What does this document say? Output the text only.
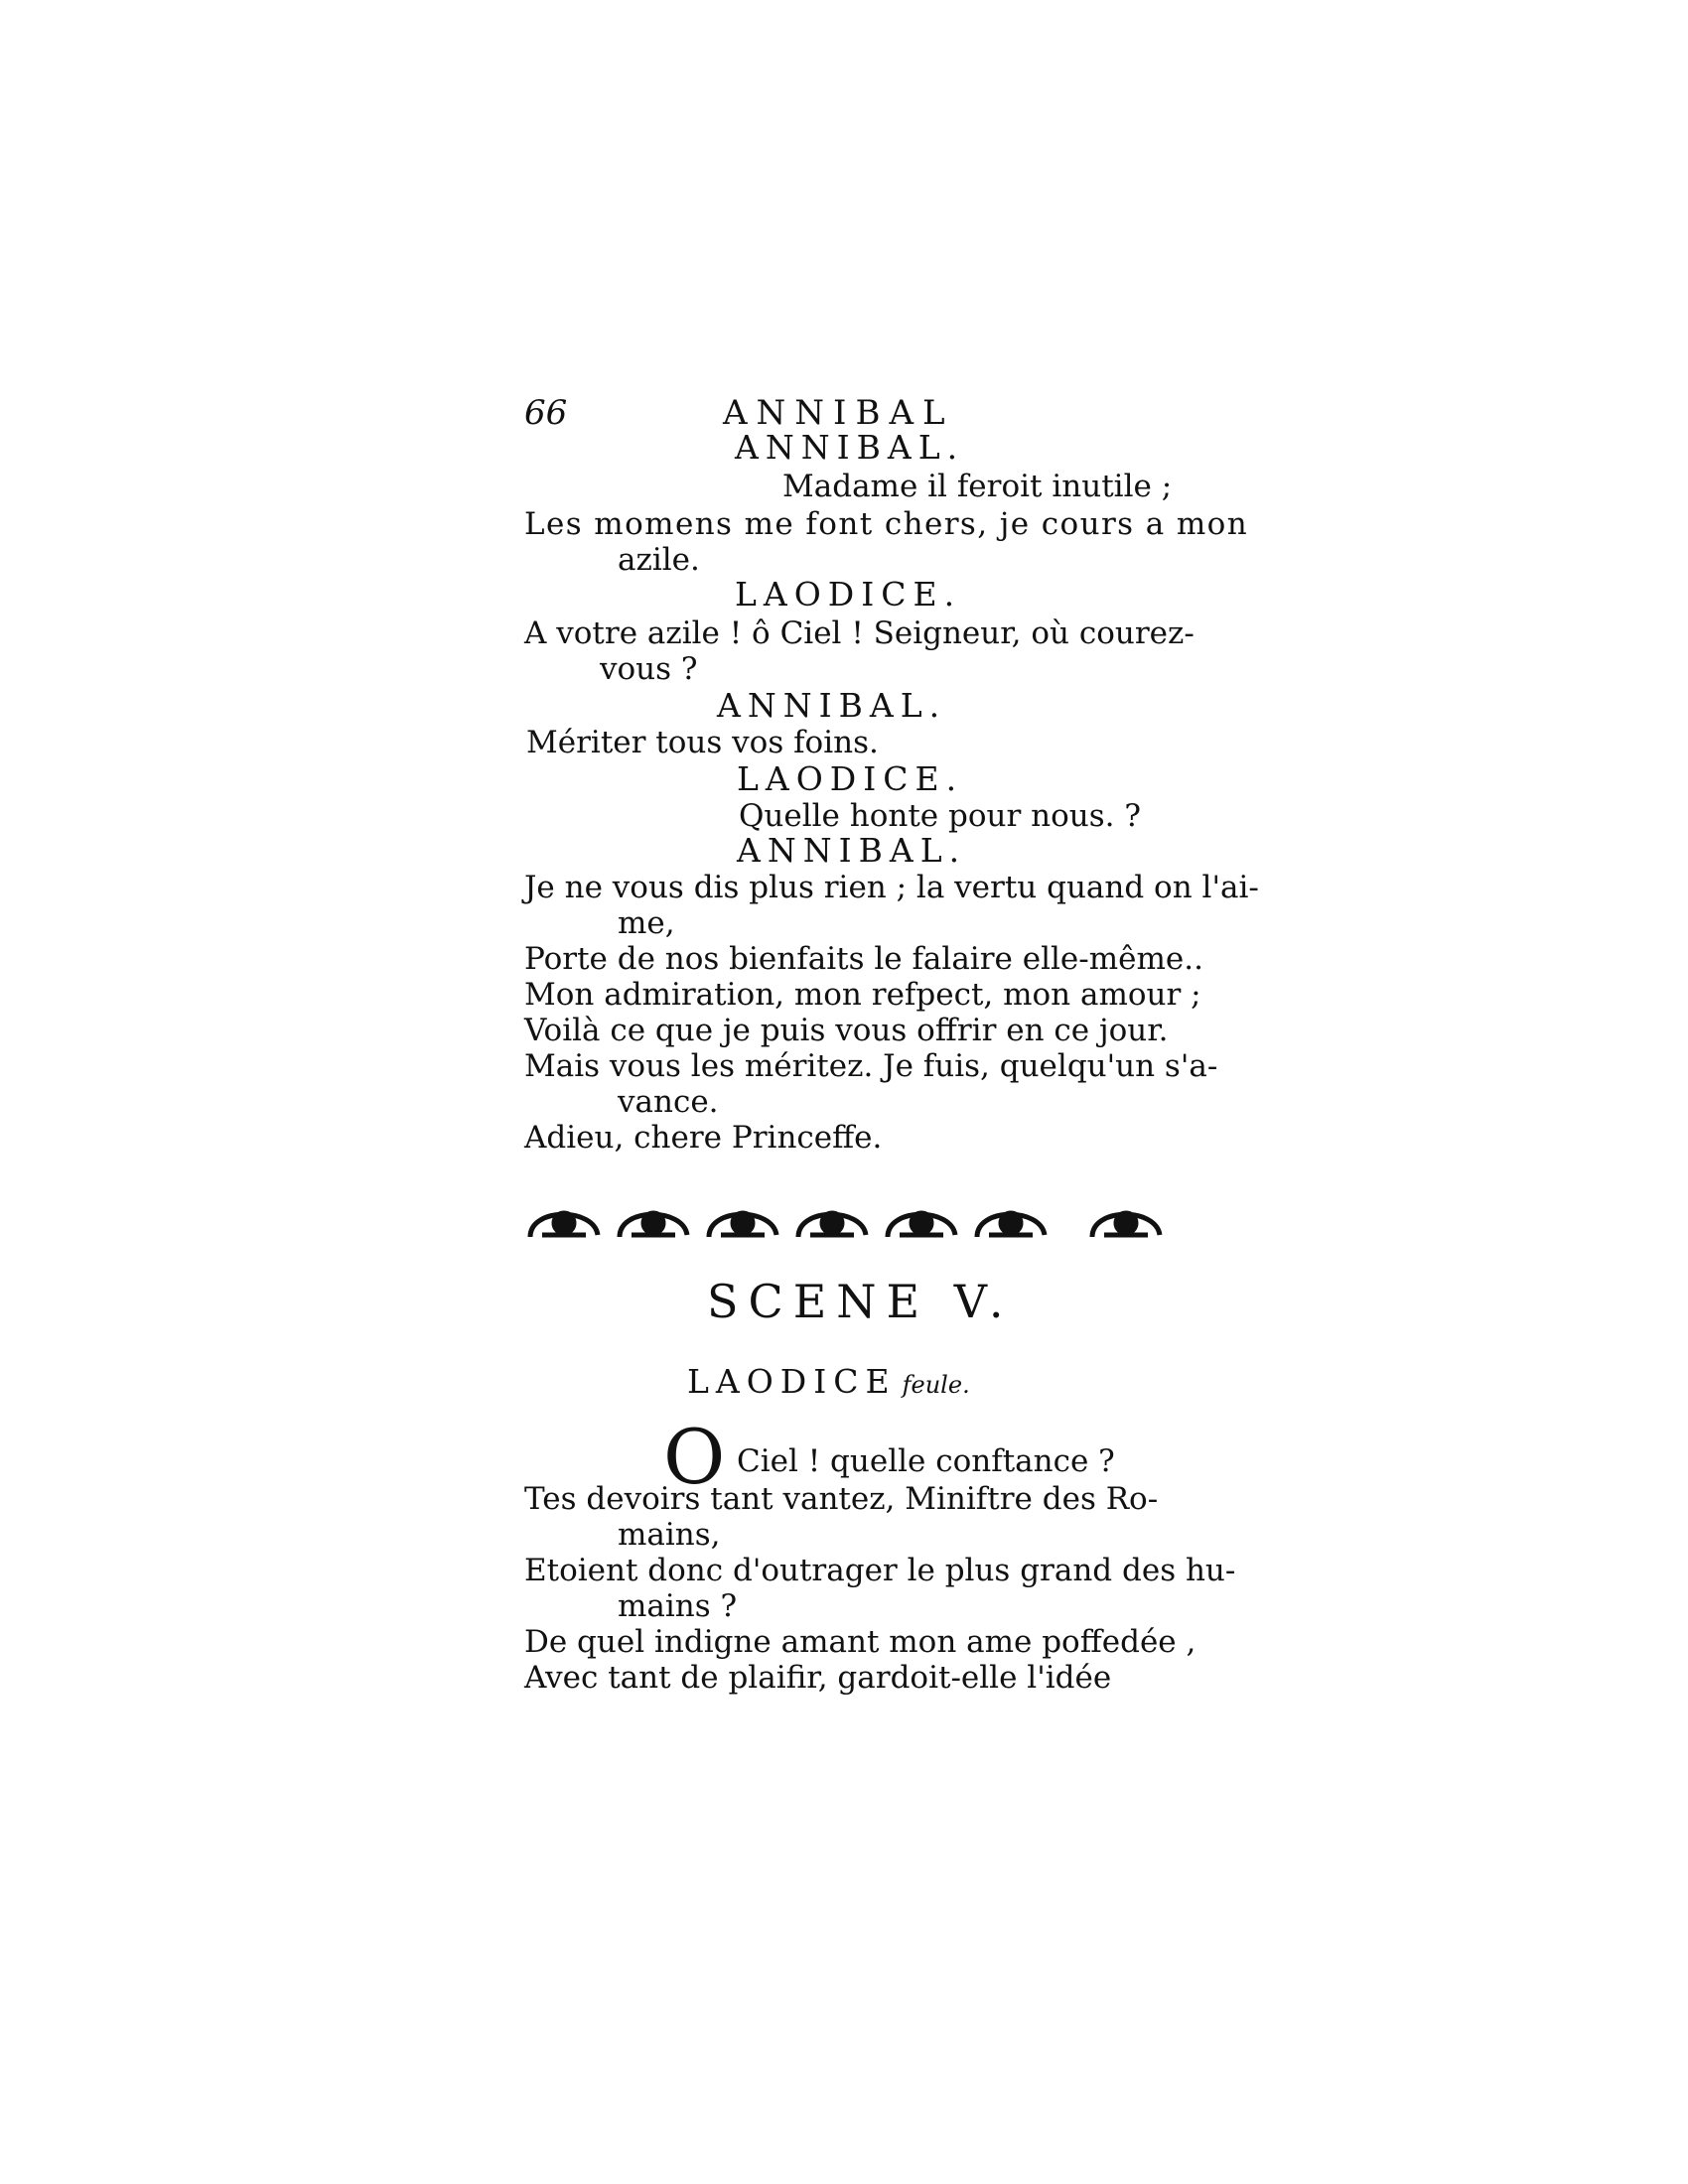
66	ANNIBAL
ANNIBAL.
Madame il feroit inutile ;
Les momens me font chers, je cours a mon
azile.
LAODICE.
A votre azile ! ô Ciel ! Seigneur, où courez-
vous ?
ANNIBAL.
Mériter tous vos foins.
LAODICE.
Quelle honte pour nous. ?
ANNIBAL.
Je ne vous dis plus rien ; la vertu quand on l'ai-
me,
Porte de nos bienfaits le falaire elle-même..
Mon admiration, mon refpect, mon amour ;
Voilà ce que je puis vous offrir en ce jour.
Mais vous les méritez. Je fuis, quelqu'un s'a-
vance.
Adieu, chere Princeffe.
SCENE V.
LAODICE feule.
O Ciel ! quelle conftance ?
Tes devoirs tant vantez, Miniftre des Ro-
mains,
Etoient donc d'outrager le plus grand des hu-
mains ?
De quel indigne amant mon ame poffedée ,
Avec tant de plaifir, gardoit-elle l'idée
